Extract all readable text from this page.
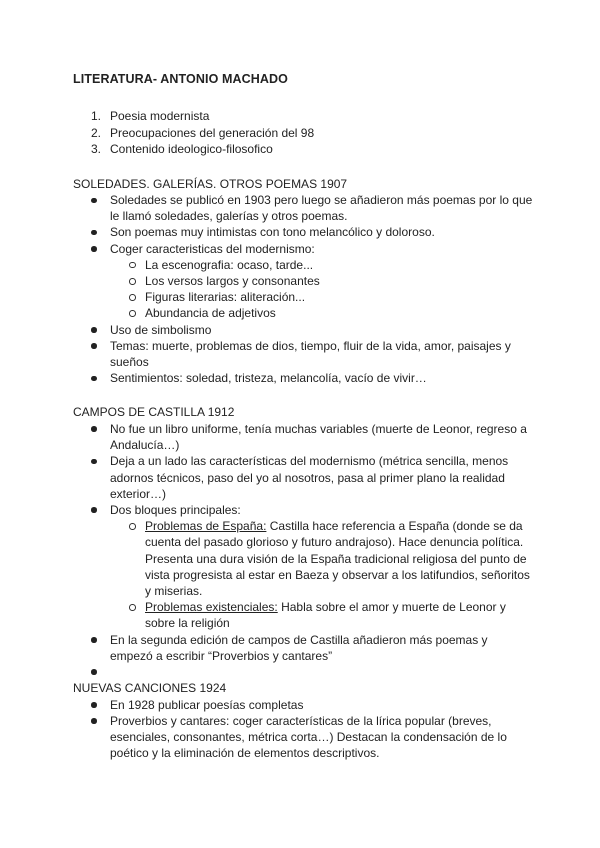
LITERATURA- ANTONIO MACHADO
1. Poesia modernista
2. Preocupaciones del generación del 98
3. Contenido ideologico-filosofico
SOLEDADES. GALERÍAS. OTROS POEMAS 1907
Soledades se publicó en 1903 pero luego se añadieron más poemas por lo que le llamó soledades, galerías y otros poemas.
Son poemas muy intimistas con tono melancólico y doloroso.
Coger caracteristicas del modernismo:
La escenografia: ocaso, tarde...
Los versos largos y consonantes
Figuras literarias: aliteración...
Abundancia de adjetivos
Uso de simbolismo
Temas: muerte, problemas de dios, tiempo, fluir de la vida, amor, paisajes y sueños
Sentimientos: soledad, tristeza, melancolía, vacío de vivir…
CAMPOS DE CASTILLA 1912
No fue un libro uniforme, tenía muchas variables (muerte de Leonor, regreso a Andalucía…)
Deja a un lado las características del modernismo (métrica sencilla, menos adornos técnicos, paso del yo al nosotros, pasa al primer plano la realidad exterior…)
Dos bloques principales:
Problemas de España: Castilla hace referencia a España (donde se da cuenta del pasado glorioso y futuro andrajoso). Hace denuncia política. Presenta una dura visión de la España tradicional religiosa del punto de vista progresista al estar en Baeza y observar a los latifundios, señoritos y miserias.
Problemas existenciales: Habla sobre el amor y muerte de Leonor y sobre la religión
En la segunda edición de campos de Castilla añadieron más poemas y empezó a escribir “Proverbios y cantares”
NUEVAS CANCIONES 1924
En 1928 publicar poesías completas
Proverbios y cantares: coger características de la lírica popular (breves, esenciales, consonantes, métrica corta…) Destacan la condensación de lo poético y la eliminación de elementos descriptivos.
